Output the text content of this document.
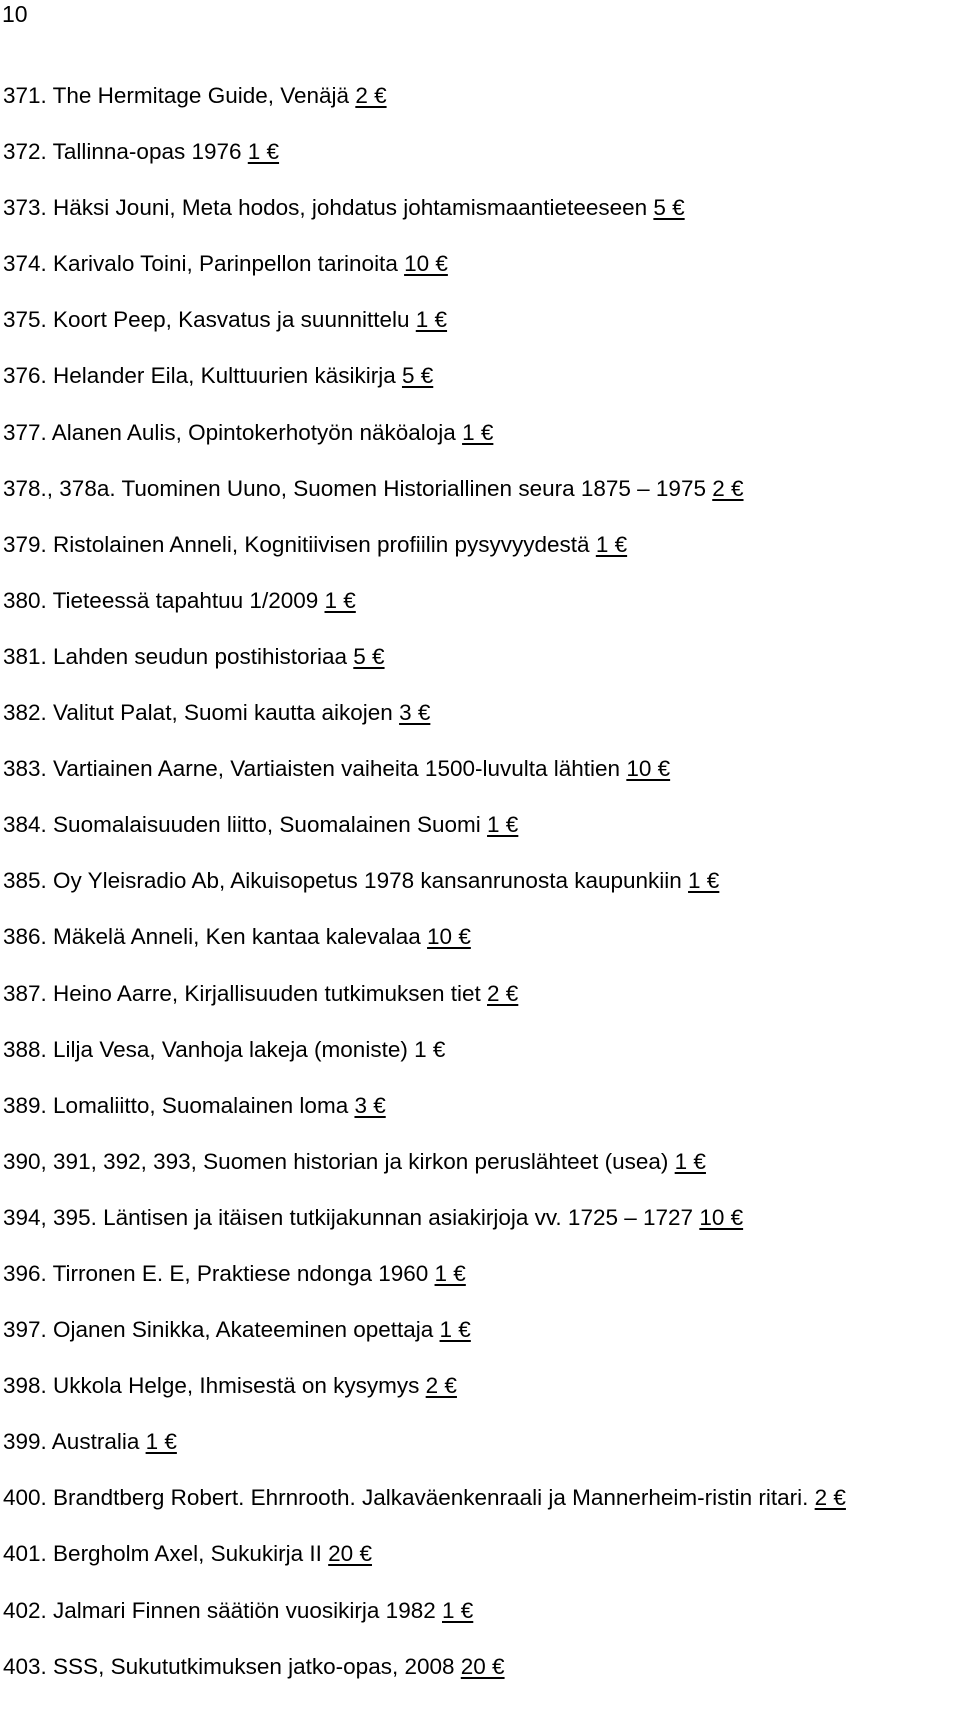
10
371. The Hermitage Guide, Venäjä 2 €
372. Tallinna-opas 1976 1 €
373. Häksi Jouni, Meta hodos, johdatus johtamismaantieteeseen 5 €
374. Karivalo Toini, Parinpellon tarinoita 10 €
375. Koort Peep, Kasvatus ja suunnittelu 1 €
376. Helander Eila, Kulttuurien käsikirja 5 €
377. Alanen Aulis, Opintokerhotyön näköaloja 1 €
378., 378a. Tuominen Uuno, Suomen Historiallinen seura 1875 – 1975 2 €
379. Ristolainen Anneli, Kognitiivisen profiilin pysyvyydestä 1 €
380. Tieteessä tapahtuu 1/2009 1 €
381. Lahden seudun postihistoriaa 5 €
382. Valitut Palat, Suomi kautta aikojen 3 €
383. Vartiainen Aarne, Vartiaisten vaiheita 1500-luvulta lähtien 10 €
384. Suomalaisuuden liitto, Suomalainen Suomi 1 €
385. Oy Yleisradio Ab, Aikuisopetus 1978 kansanrunosta kaupunkiin 1 €
386. Mäkelä Anneli, Ken kantaa kalevalaa 10 €
387. Heino Aarre, Kirjallisuuden tutkimuksen tiet 2 €
388. Lilja Vesa, Vanhoja lakeja (moniste) 1 €
389. Lomaliitto, Suomalainen loma 3 €
390, 391, 392, 393, Suomen historian ja kirkon peruslähteet (usea) 1 €
394, 395. Läntisen ja itäisen tutkijakunnan asiakirjoja vv. 1725 – 1727 10 €
396. Tirronen E. E, Praktiese ndonga 1960 1 €
397. Ojanen Sinikka, Akateeminen opettaja 1 €
398. Ukkola Helge, Ihmisestä on kysymys 2 €
399. Australia 1 €
400. Brandtberg Robert. Ehrnrooth. Jalkaväenkenraali ja Mannerheim-ristin ritari. 2 €
401. Bergholm Axel, Sukukirja II 20 €
402. Jalmari Finnen säätiön vuosikirja 1982 1 €
403. SSS, Sukututkimuksen jatko-opas, 2008 20 €
